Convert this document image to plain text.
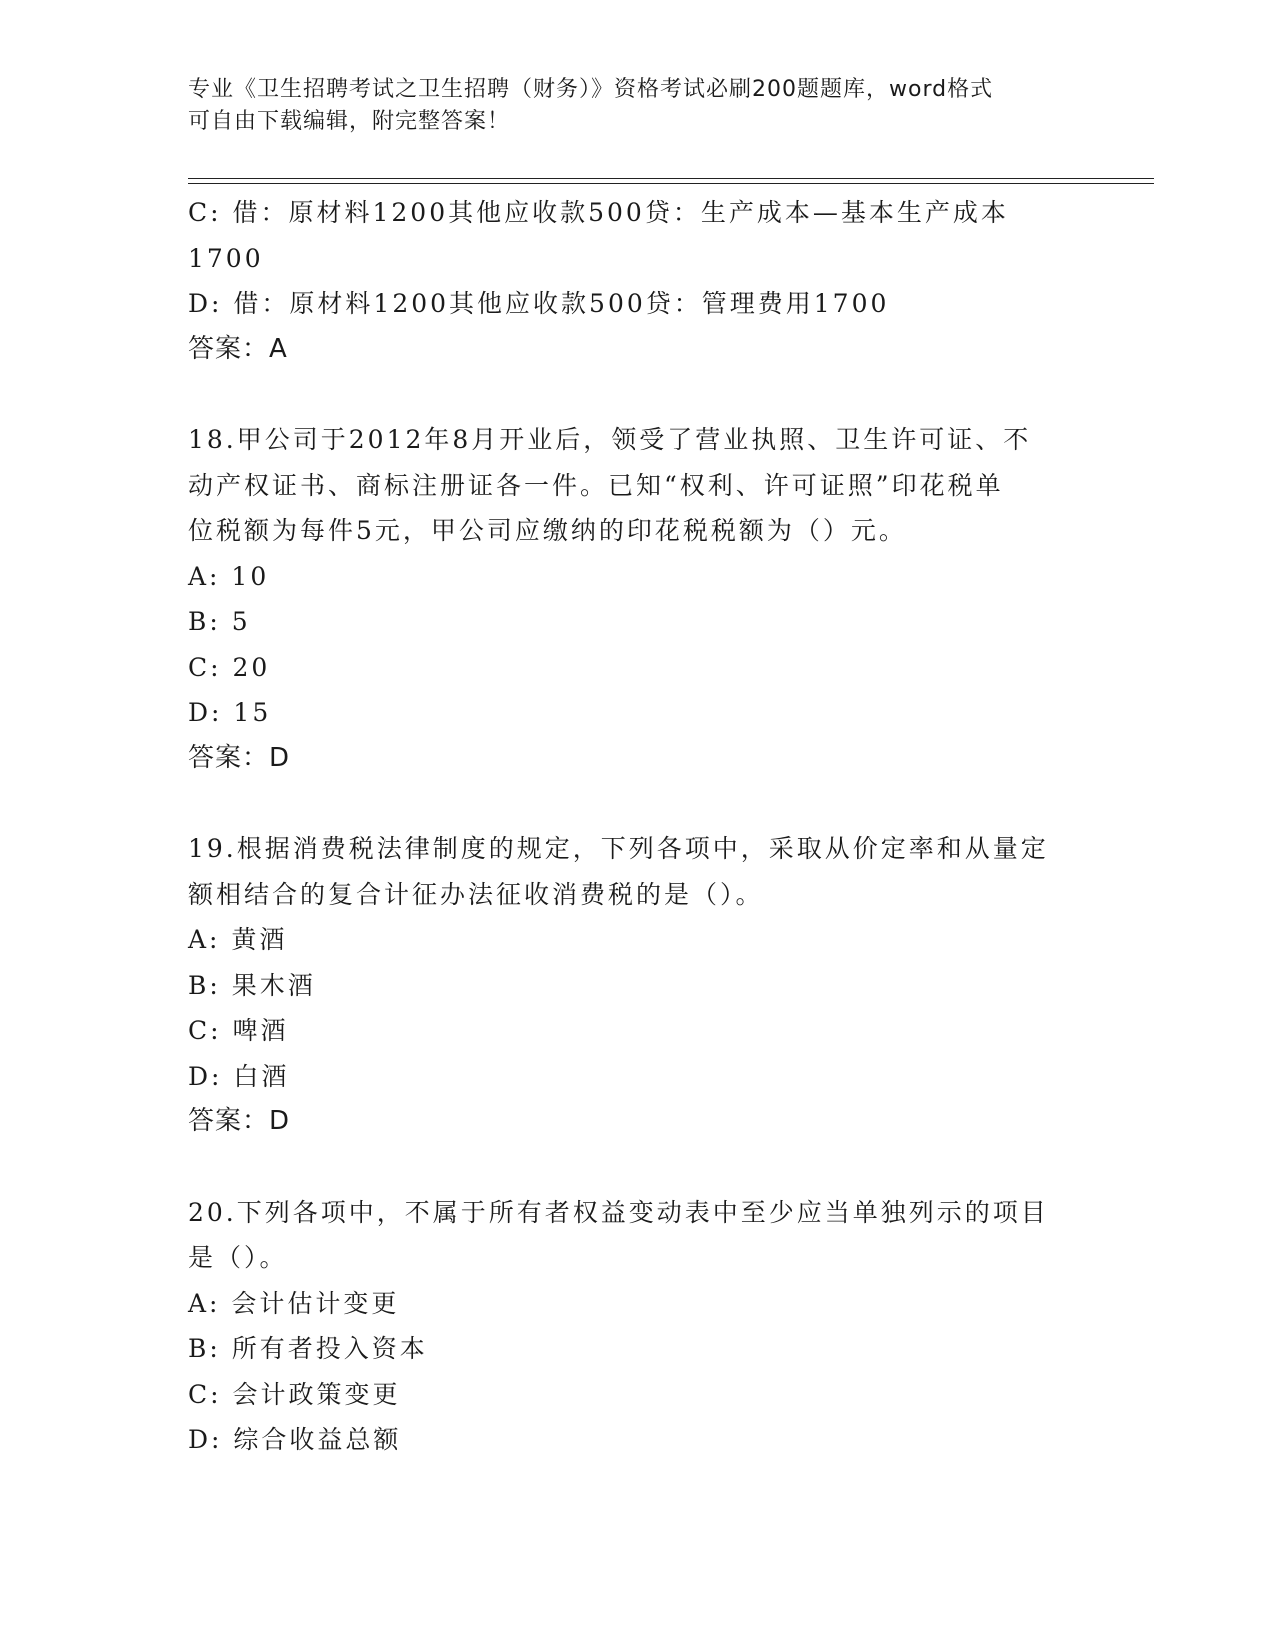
专业《卫生招聘考试之卫生招聘（财务）》资格考试必刷200题题库，word格式
可自由下载编辑，附完整答案！
C: 借：原材料1200其他应收款500贷：生产成本—基本生产成本
1700
D: 借：原材料1200其他应收款500贷：管理费用1700
答案：A
18.甲公司于2012年8月开业后，领受了营业执照、卫生许可证、不
动产权证书、商标注册证各一件。已知“权利、许可证照”印花税单
位税额为每件5元，甲公司应缴纳的印花税税额为（）元。
A: 10
B: 5
C: 20
D: 15
答案：D
19.根据消费税法律制度的规定，下列各项中，采取从价定率和从量定
额相结合的复合计征办法征收消费税的是（）。
A: 黄酒
B: 果木酒
C: 啤酒
D: 白酒
答案：D
20.下列各项中，不属于所有者权益变动表中至少应当单独列示的项目
是（）。
A: 会计估计变更
B: 所有者投入资本
C: 会计政策变更
D: 综合收益总额
